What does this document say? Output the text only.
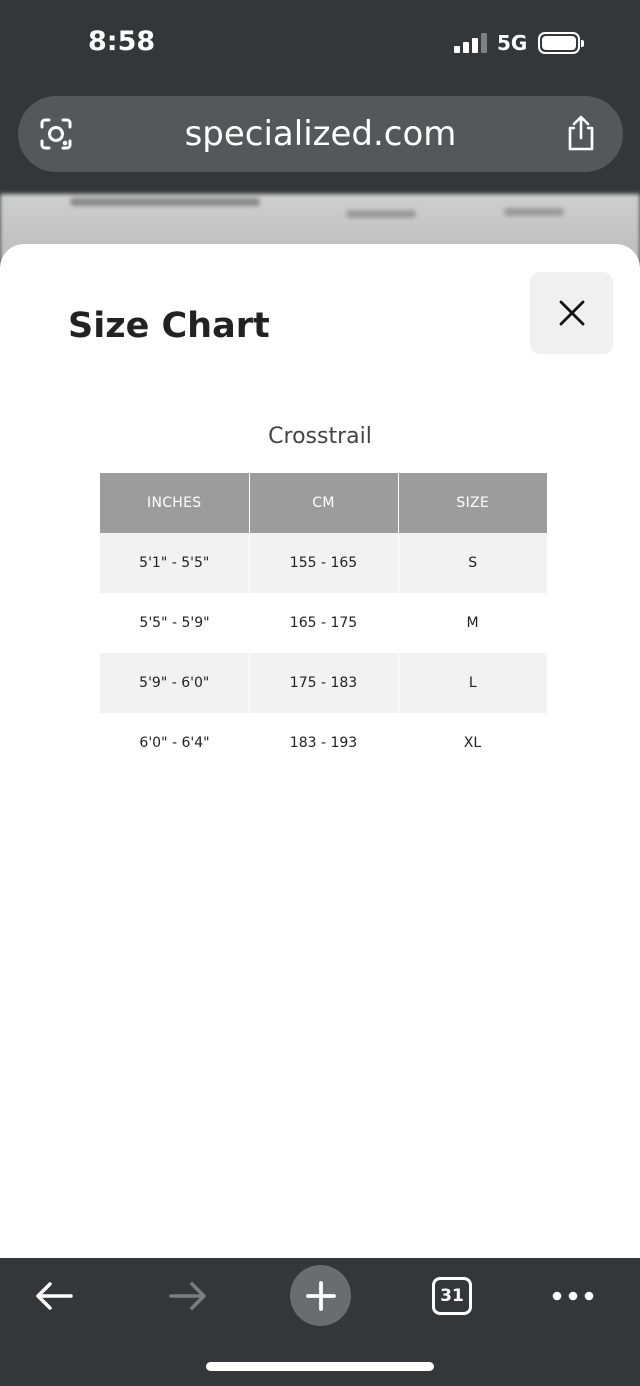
8:58	5G
specialized.com
Size Chart
Crosstrail
INCHES	CM	SIZE
5'1" - 5'5"	155 - 165	S
5'5" - 5'9"	165 - 175	M
5'9" - 6'0"	175 - 183	L
6'0" - 6'4"	183 - 193	XL
31
